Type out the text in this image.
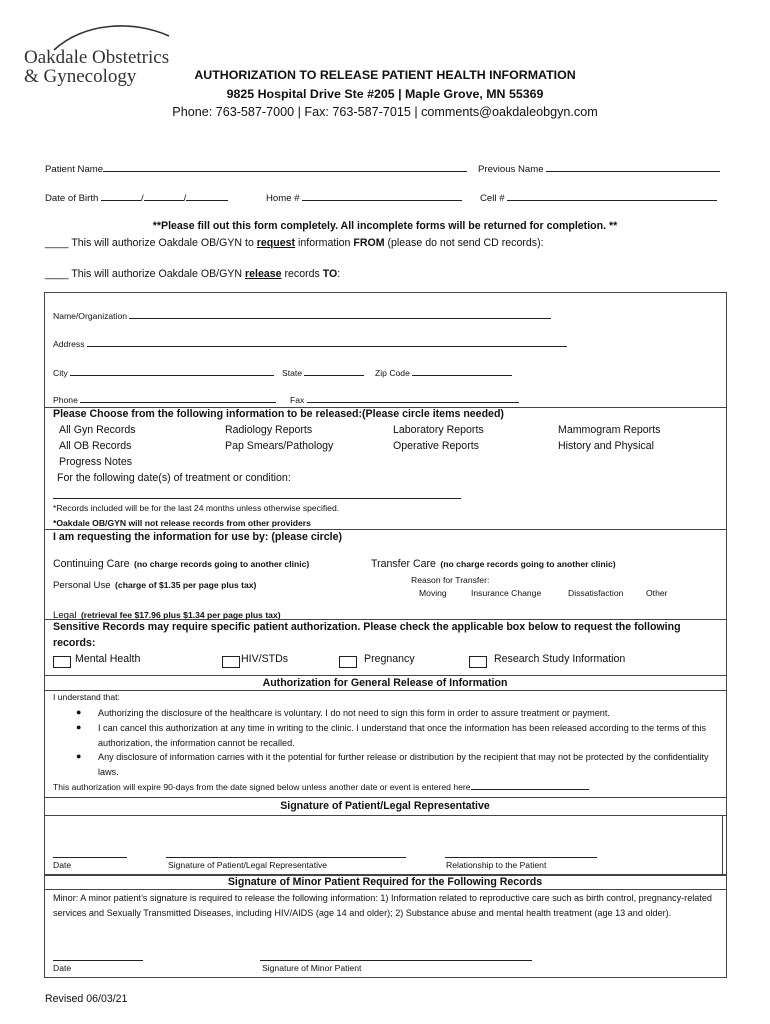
Oakdale Obstetrics
& Gynecology	AUTHORIZATION TO RELEASE PATIENT HEALTH INFORMATION
9825 Hospital Drive Ste #205 | Maple Grove, MN 55369
Phone: 763-587-7000 | Fax: 763-587-7015 | comments@oakdaleobgyn.com
Patient Name	Previous Name
Date of Birth	/	/	Home #	Cell #
**Please fill out this form completely. All incomplete forms will be returned for completion. **
____ This will authorize Oakdale OB/GYN to request information FROM (please do not send CD records):
____ This will authorize Oakdale OB/GYN release records TO:
Name/Organization
Address
City	State	Zip Code
Phone	Fax
Please Choose from the following information to be released:(Please circle items needed)
All Gyn Records	Radiology Reports	Laboratory Reports	Mammogram Reports
All OB Records	Pap Smears/Pathology	Operative Reports	History and Physical
Progress Notes
For the following date(s) of treatment or condition:
*Records included will be for the last 24 months unless otherwise specified.
*Oakdale OB/GYN will not release records from other providers
I am requesting the information for use by: (please circle)
Continuing Care (no charge records going to another clinic)	Transfer Care (no charge records going to another clinic)
Personal Use (charge of $1.35 per page plus tax)	Reason for Transfer:
Moving	Insurance Change	Dissatisfaction	Other
Legal (retrieval fee $17.96 plus $1.34 per page plus tax)
Sensitive Records may require specific patient authorization. Please check the applicable box below to request the following
records:
Mental Health	HIV/STDs	Pregnancy	Research Study Information
Authorization for General Release of Information
I understand that:
● Authorizing the disclosure of the healthcare is voluntary. I do not need to sign this form in order to assure treatment or payment.
● I can cancel this authorization at any time in writing to the clinic. I understand that once the information has been released according to the terms of this authorization, the information cannot be recalled.
● Any disclosure of information carries with it the potential for further release or distribution by the recipient that may not be protected by the confidentiality laws.
This authorization will expire 90-days from the date signed below unless another date or event is entered here
Signature of Patient/Legal Representative
Date	Signature of Patient/Legal Representative	Relationship to the Patient
Signature of Minor Patient Required for the Following Records
Minor: A minor patient’s signature is required to release the following information: 1) Information related to reproductive care such as birth control, pregnancy-related services and Sexually Transmitted Diseases, including HIV/AIDS (age 14 and older); 2) Substance abuse and mental health treatment (age 13 and older).
Date	Signature of Minor Patient
Revised 06/03/21
